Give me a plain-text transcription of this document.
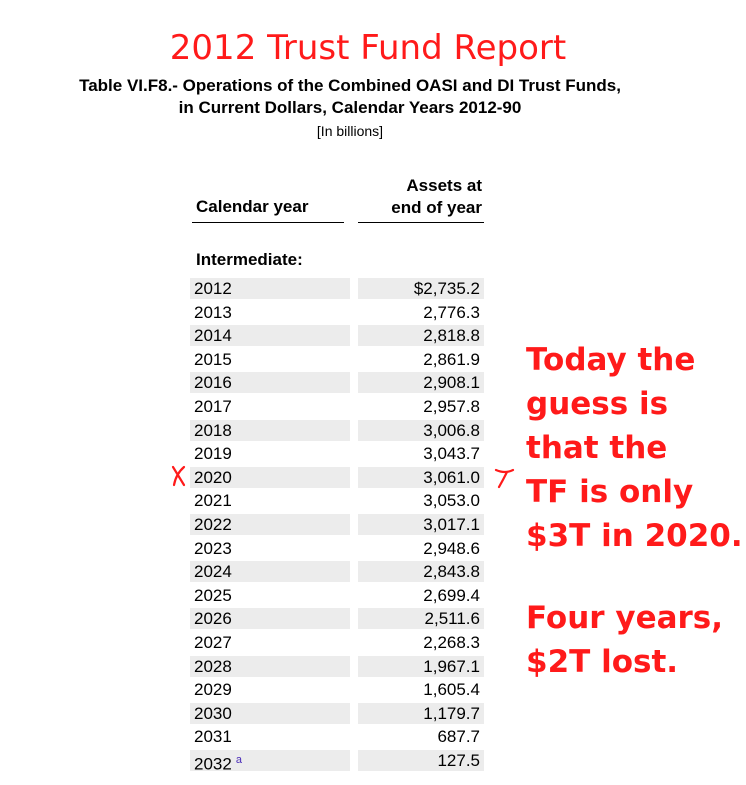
2012 Trust Fund Report
Table VI.F8.- Operations of the Combined OASI and DI Trust Funds,
in Current Dollars, Calendar Years 2012-90
[In billions]
Calendar year
Assets at
end of year
Intermediate:
2012	$2,735.2
2013	2,776.3
2014	2,818.8
2015	2,861.9
2016	2,908.1
2017	2,957.8
2018	3,006.8
2019	3,043.7
2020	3,061.0
2021	3,053.0
2022	3,017.1
2023	2,948.6
2024	2,843.8
2025	2,699.4
2026	2,511.6
2027	2,268.3
2028	1,967.1
2029	1,605.4
2030	1,179.7
2031	687.7
2032 $^a$	127.5
Today the
guess is
that the
TF is only
$3T in 2020.
Four years,
$2T lost.
